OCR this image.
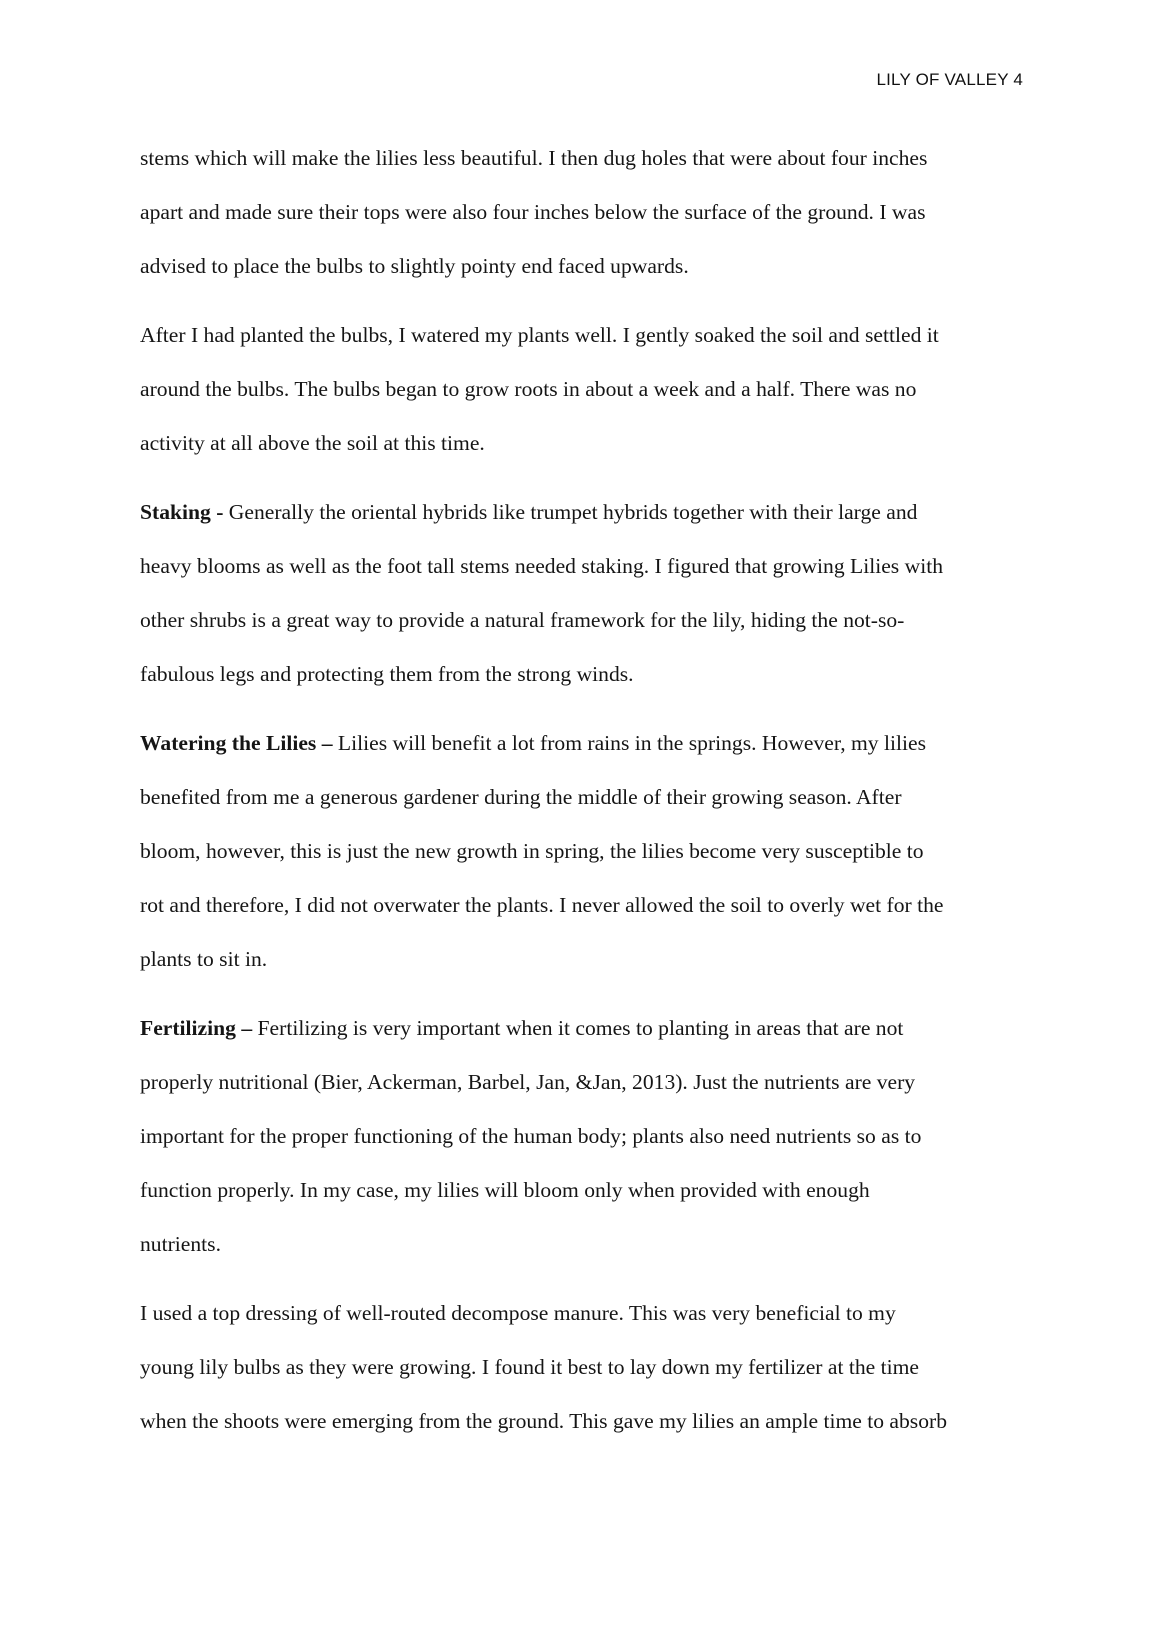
LILY OF VALLEY 4

stems which will make the lilies less beautiful. I then dug holes that were about four inches
apart and made sure their tops were also four inches below the surface of the ground. I was
advised to place the bulbs to slightly pointy end faced upwards.

After I had planted the bulbs, I watered my plants well. I gently soaked the soil and settled it
around the bulbs. The bulbs began to grow roots in about a week and a half. There was no
activity at all above the soil at this time.

Staking - Generally the oriental hybrids like trumpet hybrids together with their large and
heavy blooms as well as the foot tall stems needed staking. I figured that growing Lilies with
other shrubs is a great way to provide a natural framework for the lily, hiding the not-so-
fabulous legs and protecting them from the strong winds.

Watering the Lilies – Lilies will benefit a lot from rains in the springs. However, my lilies
benefited from me a generous gardener during the middle of their growing season. After
bloom, however, this is just the new growth in spring, the lilies become very susceptible to
rot and therefore, I did not overwater the plants. I never allowed the soil to overly wet for the
plants to sit in.

Fertilizing – Fertilizing is very important when it comes to planting in areas that are not
properly nutritional (Bier, Ackerman, Barbel, Jan, &Jan, 2013). Just the nutrients are very
important for the proper functioning of the human body; plants also need nutrients so as to
function properly. In my case, my lilies will bloom only when provided with enough
nutrients.

I used a top dressing of well-routed decompose manure. This was very beneficial to my
young lily bulbs as they were growing. I found it best to lay down my fertilizer at the time
when the shoots were emerging from the ground. This gave my lilies an ample time to absorb
